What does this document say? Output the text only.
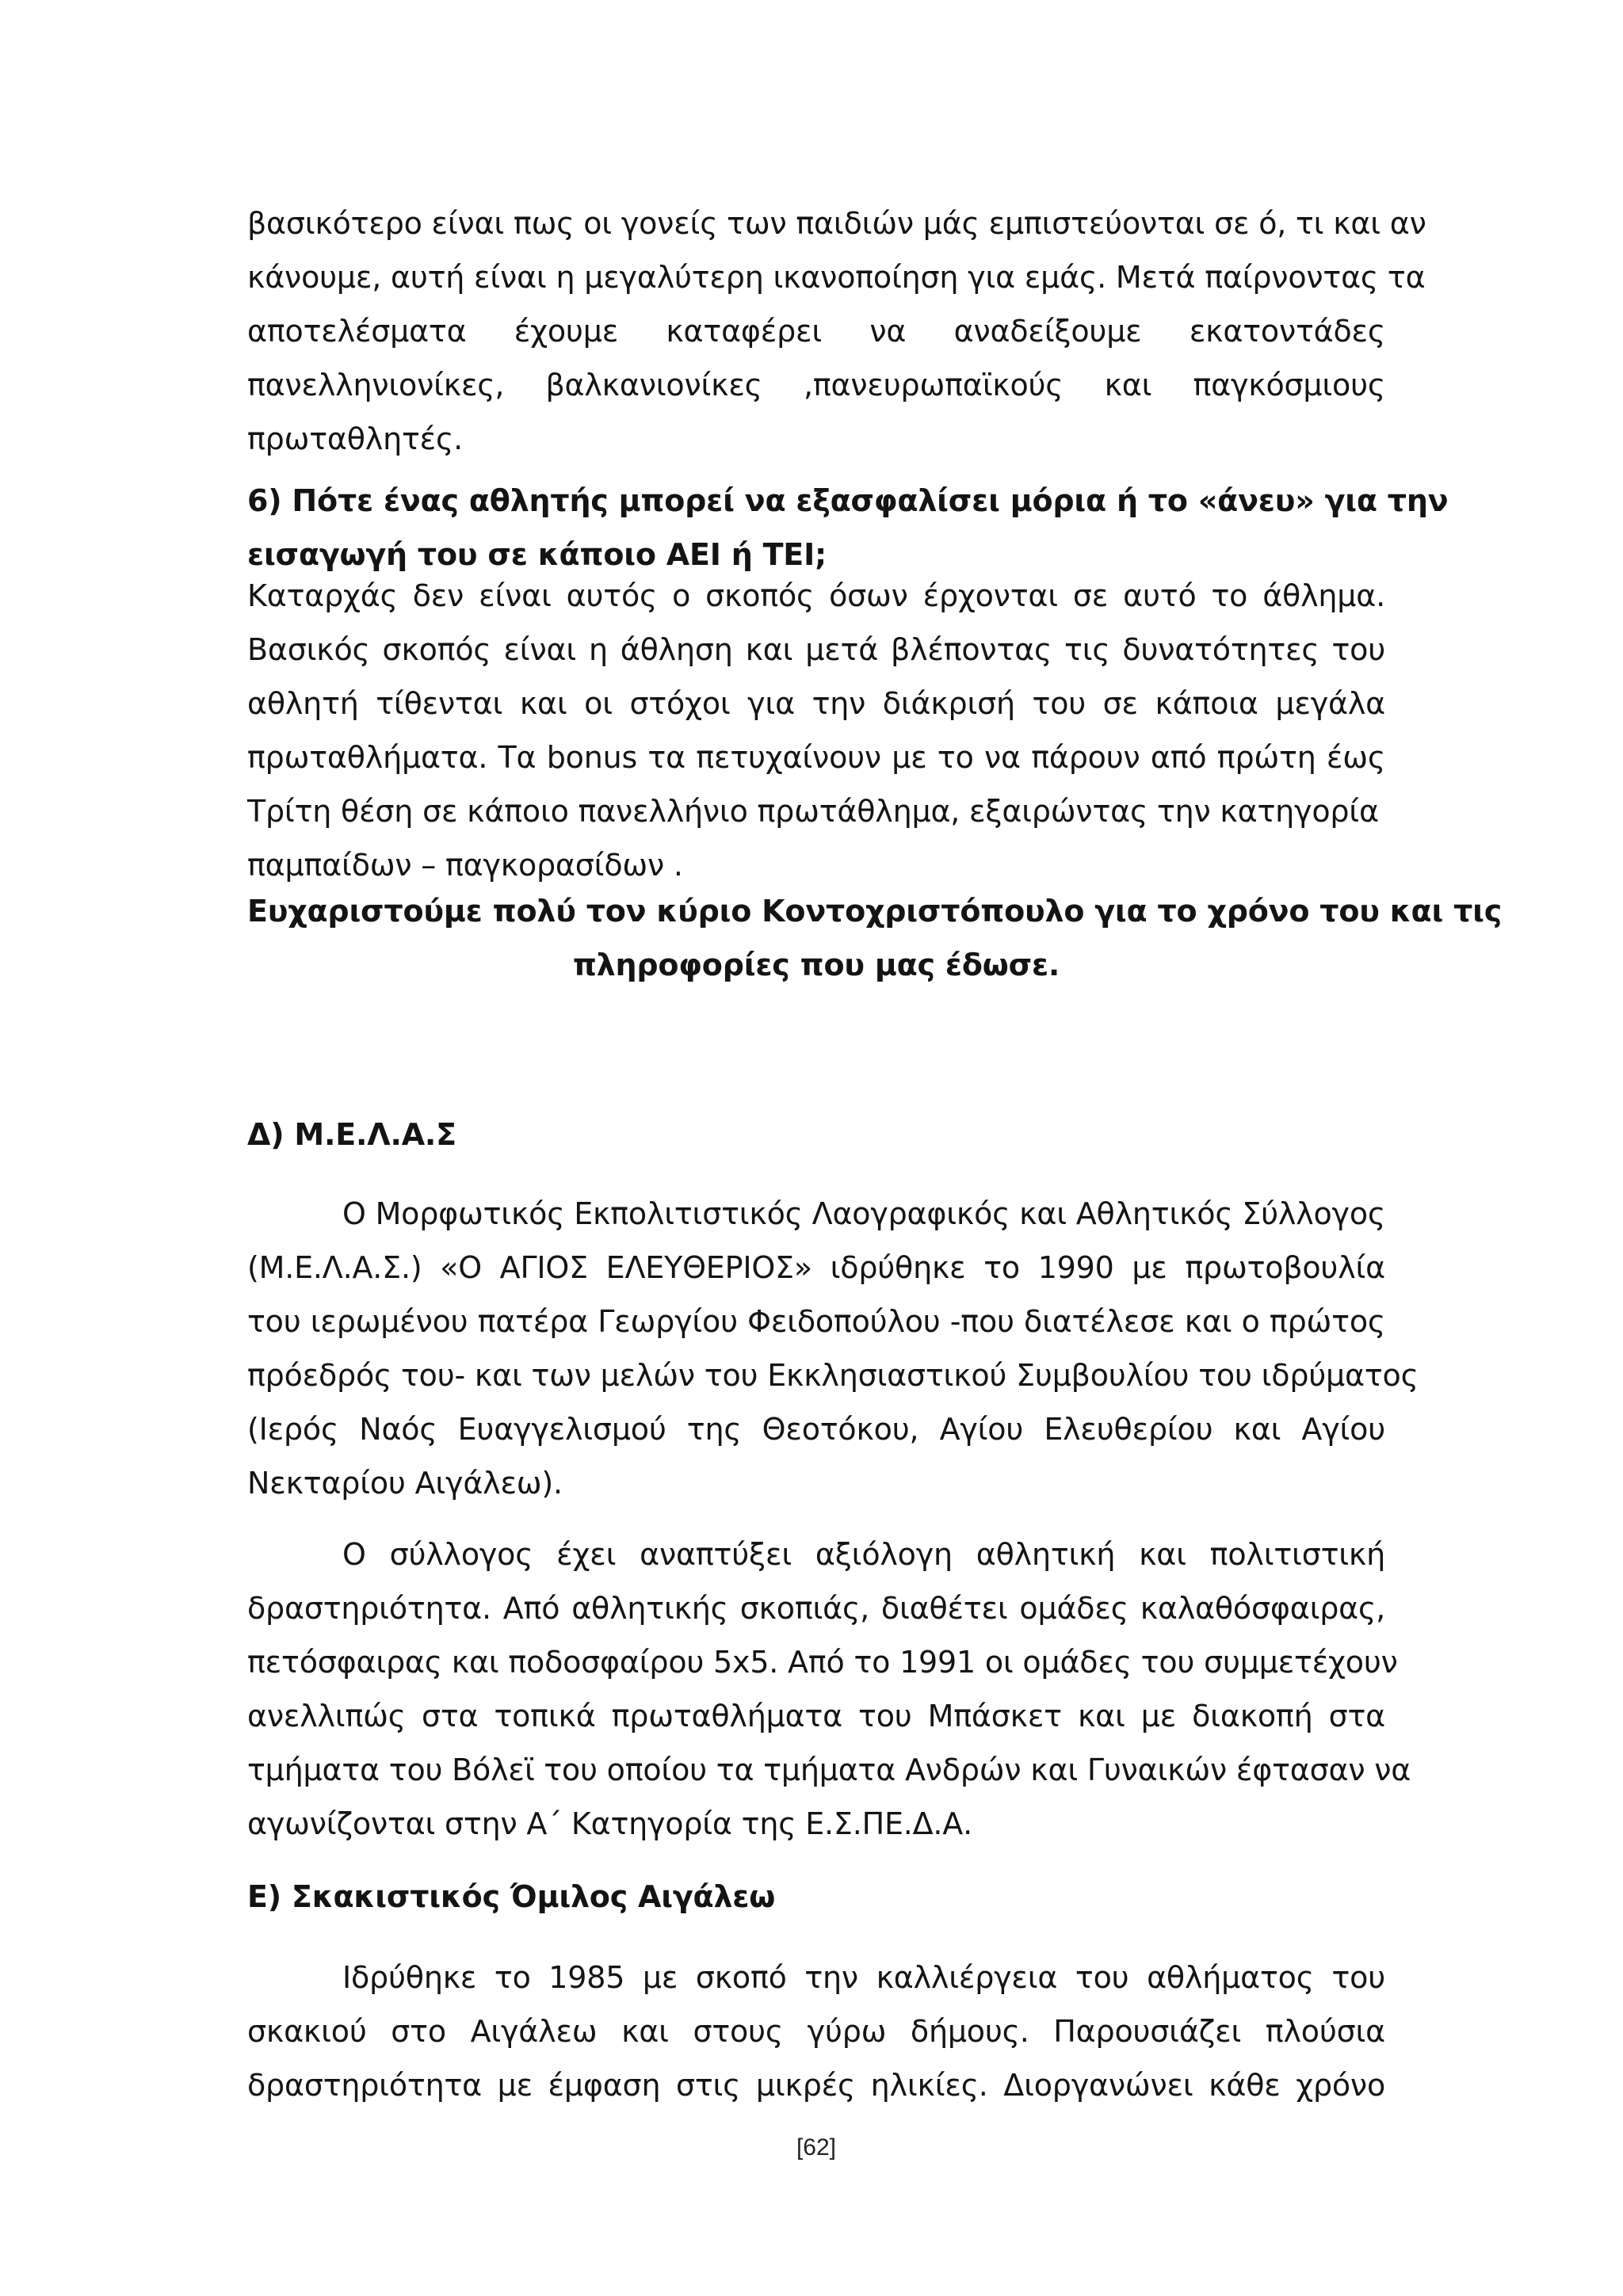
βασικότερο είναι πως οι γονείς των παιδιών μάς εμπιστεύονται σε ό, τι και αν
κάνουμε, αυτή είναι η μεγαλύτερη ικανοποίηση για εμάς. Μετά παίρνοντας τα
αποτελέσματα έχουμε καταφέρει να αναδείξουμε εκατοντάδες
πανελληνιονίκες, βαλκανιονίκες ,πανευρωπαϊκούς και παγκόσμιους
πρωταθλητές.
6) Πότε ένας αθλητής μπορεί να εξασφαλίσει μόρια ή το «άνευ» για την
εισαγωγή του σε κάποιο ΑΕΙ ή ΤΕΙ;
Καταρχάς δεν είναι αυτός ο σκοπός όσων έρχονται σε αυτό το άθλημα.
Βασικός σκοπός είναι η άθληση και μετά βλέποντας τις δυνατότητες του
αθλητή τίθενται και οι στόχοι για την διάκρισή του σε κάποια μεγάλα
πρωταθλήματα. Τα bonus τα πετυχαίνουν με το να πάρουν από πρώτη έως
Τρίτη θέση σε κάποιο πανελλήνιο πρωτάθλημα, εξαιρώντας την κατηγορία
παμπαίδων – παγκορασίδων .
Ευχαριστούμε πολύ τον κύριο Κοντοχριστόπουλο για το χρόνο του και τις
πληροφορίες που μας έδωσε.
Δ) Μ.Ε.Λ.Α.Σ
Ο Μορφωτικός Εκπολιτιστικός Λαογραφικός και Αθλητικός Σύλλογος
(Μ.Ε.Λ.Α.Σ.) «Ο ΑΓΙΟΣ ΕΛΕΥΘΕΡΙΟΣ» ιδρύθηκε το 1990 με πρωτοβουλία
του ιερωμένου πατέρα Γεωργίου Φειδοπούλου -που διατέλεσε και ο πρώτος
πρόεδρός του- και των μελών του Εκκλησιαστικού Συμβουλίου του ιδρύματος
(Ιερός Ναός Ευαγγελισμού της Θεοτόκου, Αγίου Ελευθερίου και Αγίου
Νεκταρίου Αιγάλεω).
Ο σύλλογος έχει αναπτύξει αξιόλογη αθλητική και πολιτιστική
δραστηριότητα. Από αθλητικής σκοπιάς, διαθέτει ομάδες καλαθόσφαιρας,
πετόσφαιρας και ποδοσφαίρου 5x5. Από το 1991 οι ομάδες του συμμετέχουν
ανελλιπώς στα τοπικά πρωταθλήματα του Μπάσκετ και με διακοπή στα
τμήματα του Βόλεϊ του οποίου τα τμήματα Ανδρών και Γυναικών έφτασαν να
αγωνίζονται στην Α΄ Κατηγορία της Ε.Σ.ΠΕ.Δ.Α.
Ε) Σκακιστικός Όμιλος Αιγάλεω
Ιδρύθηκε το 1985 με σκοπό την καλλιέργεια του αθλήματος του
σκακιού στο Αιγάλεω και στους γύρω δήμους. Παρουσιάζει πλούσια
δραστηριότητα με έμφαση στις μικρές ηλικίες. Διοργανώνει κάθε χρόνο
[62]
